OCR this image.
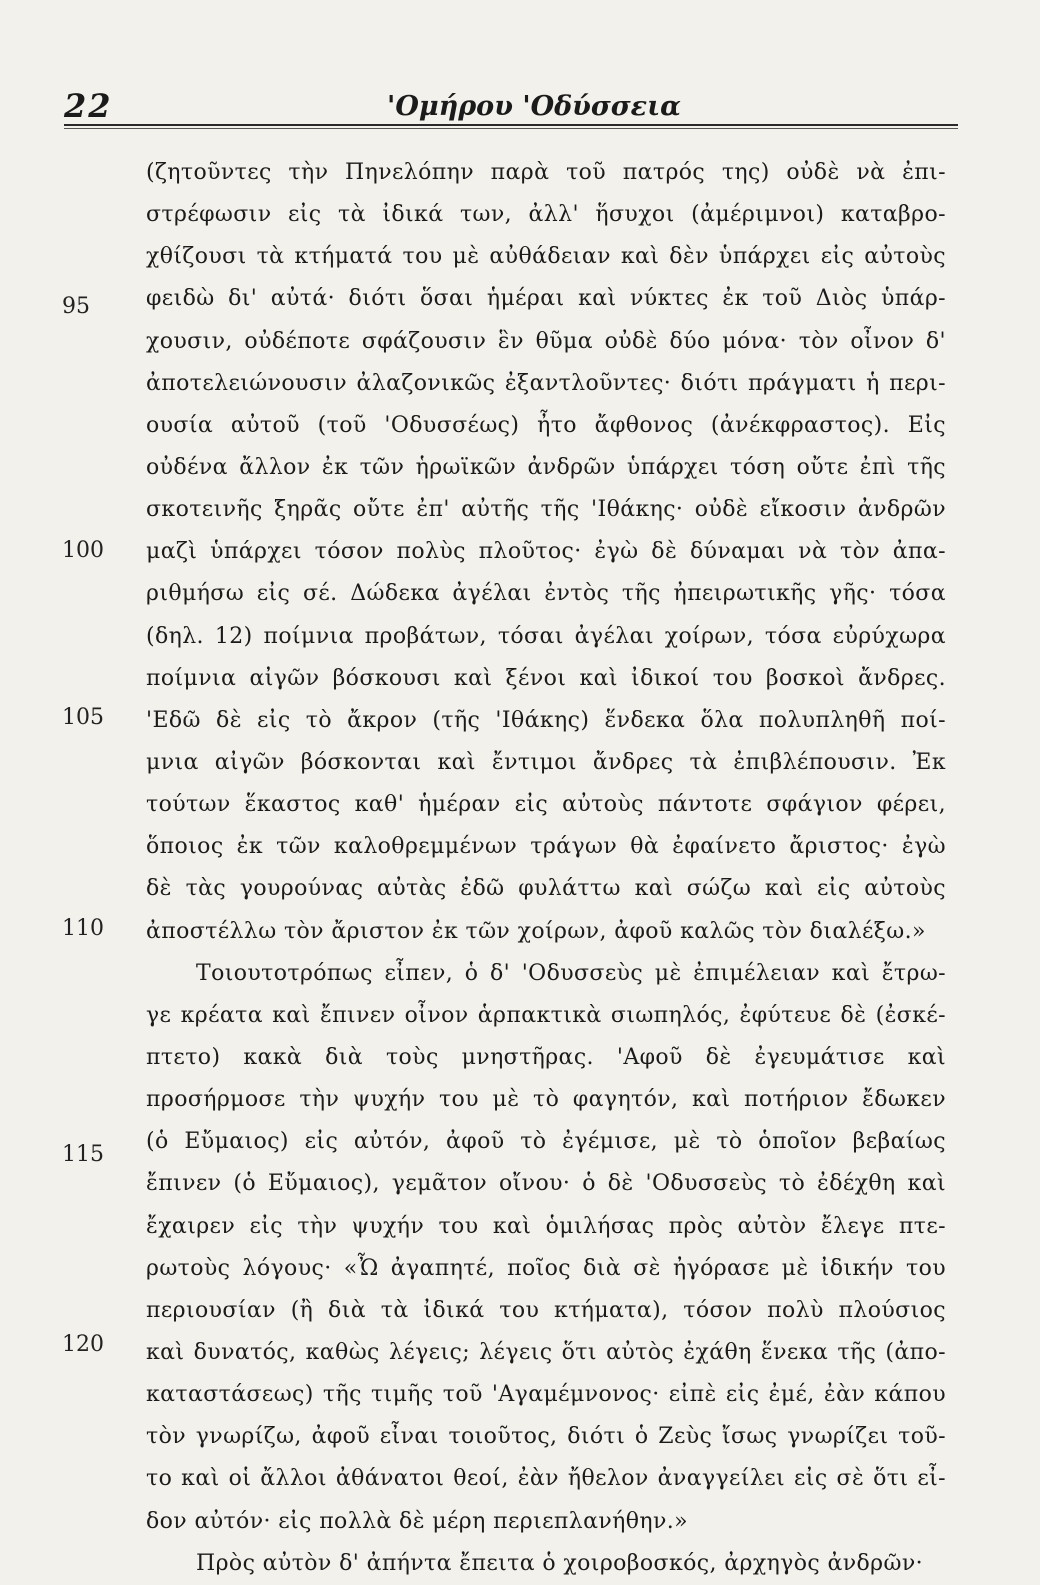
22	'Ομήρου 'Οδύσσεια
95
100
105
110
115
120
(ζητοῦντες τὴν Πηνελόπην παρὰ τοῦ πατρός της) οὐδὲ νὰ ἐπι-
στρέφωσιν εἰς τὰ ἰδικά των, ἀλλ' ἥσυχοι (ἀμέριμνοι) καταβρο-
χθίζουσι τὰ κτήματά του μὲ αὐθάδειαν καὶ δὲν ὑπάρχει εἰς αὐτοὺς
φειδὼ δι' αὐτά· διότι ὅσαι ἡμέραι καὶ νύκτες ἐκ τοῦ Διὸς ὑπάρ-
χουσιν, οὐδέποτε σφάζουσιν ἓν θῦμα οὐδὲ δύο μόνα· τὸν οἶνον δ'
ἀποτελειώνουσιν ἀλαζονικῶς ἐξαντλοῦντες· διότι πράγματι ἡ περι-
ουσία αὐτοῦ (τοῦ 'Οδυσσέως) ἦτο ἄφθονος (ἀνέκφραστος). Εἰς
οὐδένα ἄλλον ἐκ τῶν ἡρωϊκῶν ἀνδρῶν ὑπάρχει τόση οὔτε ἐπὶ τῆς
σκοτεινῆς ξηρᾶς οὔτε ἐπ' αὐτῆς τῆς 'Ιθάκης· οὐδὲ εἴκοσιν ἀνδρῶν
μαζὶ ὑπάρχει τόσον πολὺς πλοῦτος· ἐγὼ δὲ δύναμαι νὰ τὸν ἀπα-
ριθμήσω εἰς σέ. Δώδεκα ἀγέλαι ἐντὸς τῆς ἠπειρωτικῆς γῆς· τόσα
(δηλ. 12) ποίμνια προβάτων, τόσαι ἀγέλαι χοίρων, τόσα εὐρύχωρα
ποίμνια αἰγῶν βόσκουσι καὶ ξένοι καὶ ἰδικοί του βοσκοὶ ἄνδρες.
'Εδῶ δὲ εἰς τὸ ἄκρον (τῆς 'Ιθάκης) ἕνδεκα ὅλα πολυπληθῆ ποί-
μνια αἰγῶν βόσκονται καὶ ἔντιμοι ἄνδρες τὰ ἐπιβλέπουσιν. Ἐκ
τούτων ἕκαστος καθ' ἡμέραν εἰς αὐτοὺς πάντοτε σφάγιον φέρει,
ὅποιος ἐκ τῶν καλοθρεμμένων τράγων θὰ ἐφαίνετο ἄριστος· ἐγὼ
δὲ τὰς γουρούνας αὐτὰς ἐδῶ φυλάττω καὶ σώζω καὶ εἰς αὐτοὺς
ἀποστέλλω τὸν ἄριστον ἐκ τῶν χοίρων, ἀφοῦ καλῶς τὸν διαλέξω.»
Τοιουτοτρόπως εἶπεν, ὁ δ' 'Οδυσσεὺς μὲ ἐπιμέλειαν καὶ ἔτρω-
γε κρέατα καὶ ἔπινεν οἶνον ἁρπακτικὰ σιωπηλός, ἐφύτευε δὲ (ἐσκέ-
πτετο) κακὰ διὰ τοὺς μνηστῆρας. 'Αφοῦ δὲ ἐγευμάτισε καὶ
προσήρμοσε τὴν ψυχήν του μὲ τὸ φαγητόν, καὶ ποτήριον ἔδωκεν
(ὁ Εὔμαιος) εἰς αὐτόν, ἀφοῦ τὸ ἐγέμισε, μὲ τὸ ὁποῖον βεβαίως
ἔπινεν (ὁ Εὔμαιος), γεμᾶτον οἴνου· ὁ δὲ 'Οδυσσεὺς τὸ ἐδέχθη καὶ
ἔχαιρεν εἰς τὴν ψυχήν του καὶ ὁμιλήσας πρὸς αὐτὸν ἔλεγε πτε-
ρωτοὺς λόγους· «Ὦ ἀγαπητέ, ποῖος διὰ σὲ ἠγόρασε μὲ ἰδικήν του
περιουσίαν (ἢ διὰ τὰ ἰδικά του κτήματα), τόσον πολὺ πλούσιος
καὶ δυνατός, καθὼς λέγεις; λέγεις ὅτι αὐτὸς ἐχάθη ἕνεκα τῆς (ἀπο-
καταστάσεως) τῆς τιμῆς τοῦ 'Αγαμέμνονος· εἰπὲ εἰς ἐμέ, ἐὰν κάπου
τὸν γνωρίζω, ἀφοῦ εἶναι τοιοῦτος, διότι ὁ Ζεὺς ἴσως γνωρίζει τοῦ-
το καὶ οἱ ἄλλοι ἀθάνατοι θεοί, ἐὰν ἤθελον ἀναγγείλει εἰς σὲ ὅτι εἶ-
δον αὐτόν· εἰς πολλὰ δὲ μέρη περιεπλανήθην.»
Πρὸς αὐτὸν δ' ἀπήντα ἔπειτα ὁ χοιροβοσκός, ἀρχηγὸς ἀνδρῶν·
